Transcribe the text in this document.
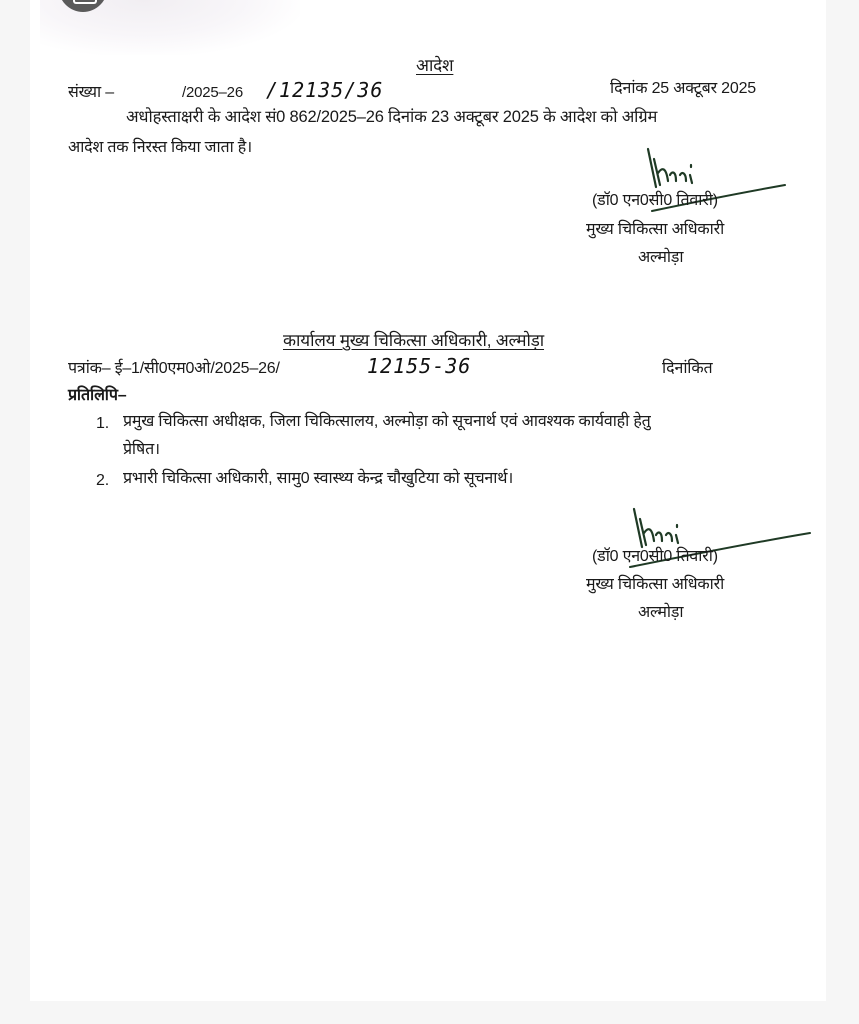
आदेश
संख्या –	/2025–26 /12135/36	दिनांक 25 अक्टूबर 2025
अधोहस्ताक्षरी के आदेश सं0 862/2025–26 दिनांक 23 अक्टूबर 2025 के आदेश को अग्रिम
आदेश तक निरस्त किया जाता है।
(डॉ0 एन0सी0 तिवारी)
मुख्य चिकित्सा अधिकारी
अल्मोड़ा
कार्यालय मुख्य चिकित्सा अधिकारी, अल्मोड़ा
पत्रांक– ई–1/सी0एम0ओ/2025–26/	12155-36	दिनांकित
प्रतिलिपि–
1. प्रमुख चिकित्सा अधीक्षक, जिला चिकित्सालय, अल्मोड़ा को सूचनार्थ एवं आवश्यक कार्यवाही हेतु
प्रेषित।
2. प्रभारी चिकित्सा अधिकारी, सामु0 स्वास्थ्य केन्द्र चौखुटिया को सूचनार्थ।
(डॉ0 एन0सी0 तिवारी)
मुख्य चिकित्सा अधिकारी
अल्मोड़ा
